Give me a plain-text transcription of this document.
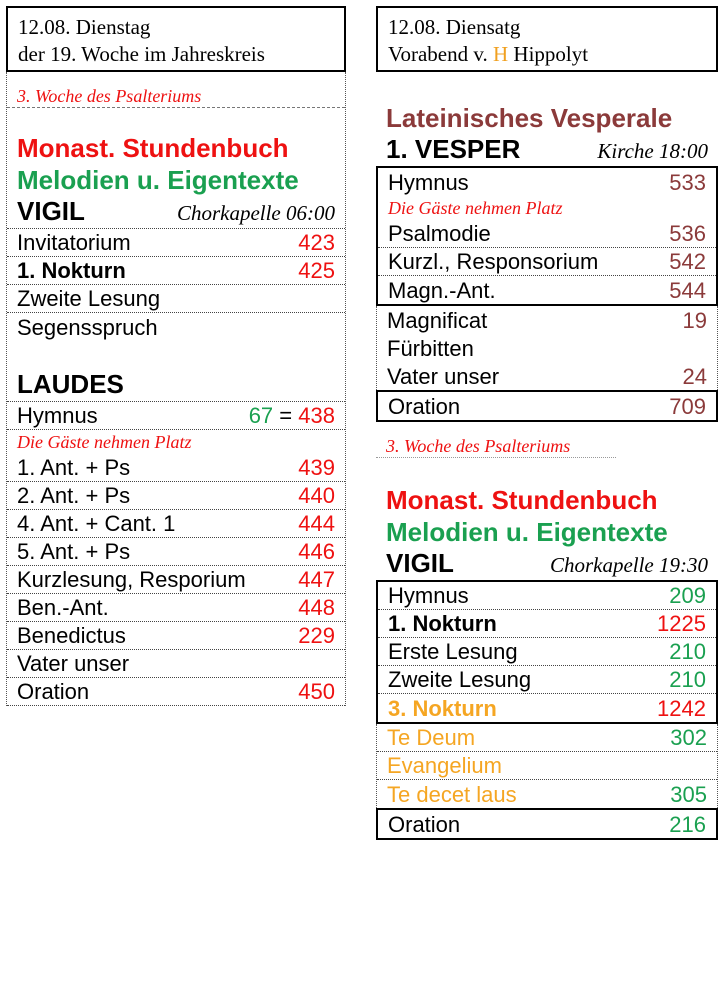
12.08. Dienstag
der 19. Woche im Jahreskreis
3. Woche des Psalteriums
Monast. Stundenbuch
Melodien u. Eigentexte
VIGIL	Chorkapelle 06:00
Invitatorium	423
1. Nokturn	425
Zweite Lesung
Segensspruch
LAUDES
Hymnus	67 = 438
Die Gäste nehmen Platz
1. Ant. + Ps	439
2. Ant. + Ps	440
4. Ant. + Cant. 1	444
5. Ant. + Ps	446
Kurzlesung, Resporium 447
Ben.-Ant.	448
Benedictus	229
Vater unser
Oration	450
12.08. Diensatg
Vorabend v. H Hippolyt
Lateinisches Vesperale
1. VESPER	Kirche 18:00
Hymnus	533
Die Gäste nehmen Platz
Psalmodie	536
Kurzl., Responsorium	542
Magn.-Ant.	544
Magnificat	19
Fürbitten
Vater unser	24
Oration	709
3. Woche des Psalteriums
Monast. Stundenbuch
Melodien u. Eigentexte
VIGIL	Chorkapelle 19:30
Hymnus	209
1. Nokturn	1225
Erste Lesung	210
Zweite Lesung	210
3. Nokturn	1242
Te Deum	302
Evangelium
Te decet laus	305
Oration	216
